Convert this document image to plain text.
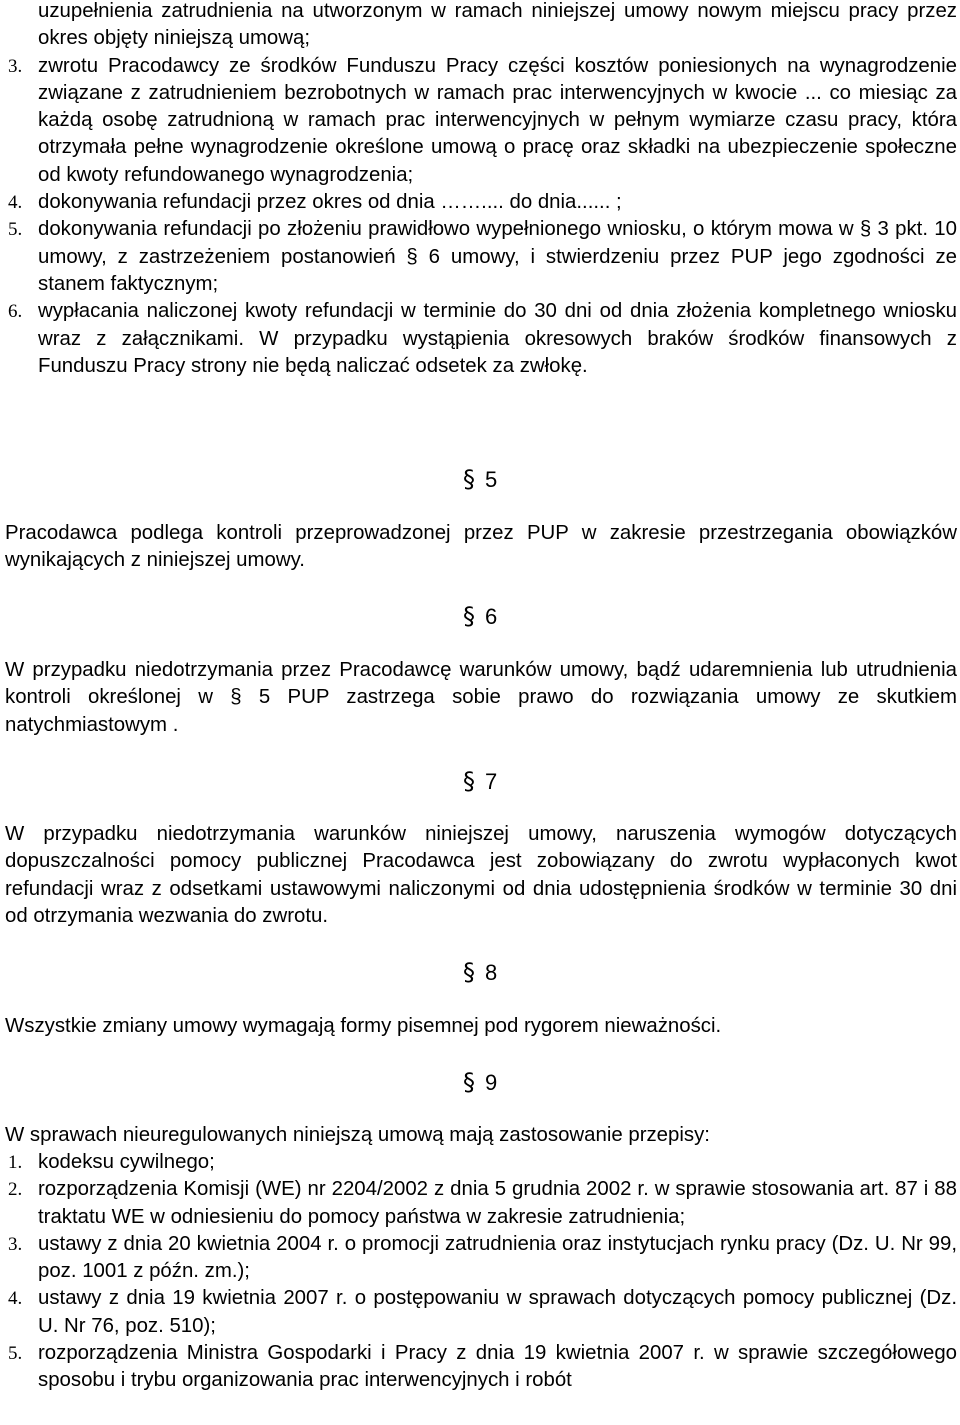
uzupełnienia zatrudnienia na utworzonym w ramach niniejszej umowy nowym miejscu pracy przez okres objęty niniejszą umową;
3. zwrotu Pracodawcy ze środków Funduszu Pracy części kosztów poniesionych na wynagrodzenie związane z zatrudnieniem bezrobotnych w ramach prac interwencyjnych w kwocie ... co miesiąc za każdą osobę zatrudnioną w ramach prac interwencyjnych w pełnym wymiarze czasu pracy, która otrzymała pełne wynagrodzenie określone umową o pracę oraz składki na ubezpieczenie społeczne od kwoty refundowanego wynagrodzenia;
4. dokonywania refundacji przez okres od dnia …….... do dnia...... ;
5. dokonywania refundacji po złożeniu prawidłowo wypełnionego wniosku, o którym mowa w § 3 pkt. 10 umowy, z zastrzeżeniem postanowień § 6 umowy, i stwierdzeniu przez PUP jego zgodności ze stanem faktycznym;
6. wypłacania naliczonej kwoty refundacji w terminie do 30 dni od dnia złożenia kompletnego wniosku wraz z załącznikami. W przypadku wystąpienia okresowych braków środków finansowych z Funduszu Pracy strony nie będą naliczać odsetek za zwłokę.
§ 5
Pracodawca podlega kontroli przeprowadzonej przez PUP w zakresie przestrzegania obowiązków wynikających z niniejszej umowy.
§ 6
W przypadku niedotrzymania przez Pracodawcę warunków umowy, bądź udaremnienia lub utrudnienia kontroli określonej w § 5 PUP zastrzega sobie prawo do rozwiązania umowy ze skutkiem natychmiastowym .
§ 7
W przypadku niedotrzymania warunków niniejszej umowy, naruszenia wymogów dotyczących dopuszczalności pomocy publicznej Pracodawca jest zobowiązany do zwrotu wypłaconych kwot refundacji wraz z odsetkami ustawowymi naliczonymi od dnia udostępnienia środków w terminie 30 dni od otrzymania wezwania do zwrotu.
§ 8
Wszystkie zmiany umowy wymagają formy pisemnej pod rygorem nieważności.
§ 9
W sprawach nieuregulowanych niniejszą umową mają zastosowanie przepisy:
1. kodeksu cywilnego;
2. rozporządzenia Komisji (WE) nr 2204/2002 z dnia 5 grudnia 2002 r. w sprawie stosowania art. 87 i 88 traktatu WE w odniesieniu do pomocy państwa w zakresie zatrudnienia;
3. ustawy z dnia 20 kwietnia 2004 r. o promocji zatrudnienia oraz instytucjach rynku pracy (Dz. U. Nr 99, poz. 1001 z późn. zm.);
4. ustawy z dnia 19 kwietnia 2007 r. o postępowaniu w sprawach dotyczących pomocy publicznej (Dz. U. Nr 76, poz. 510);
5. rozporządzenia Ministra Gospodarki i Pracy z dnia 19 kwietnia 2007 r. w sprawie szczegółowego sposobu i trybu organizowania prac interwencyjnych i robót
